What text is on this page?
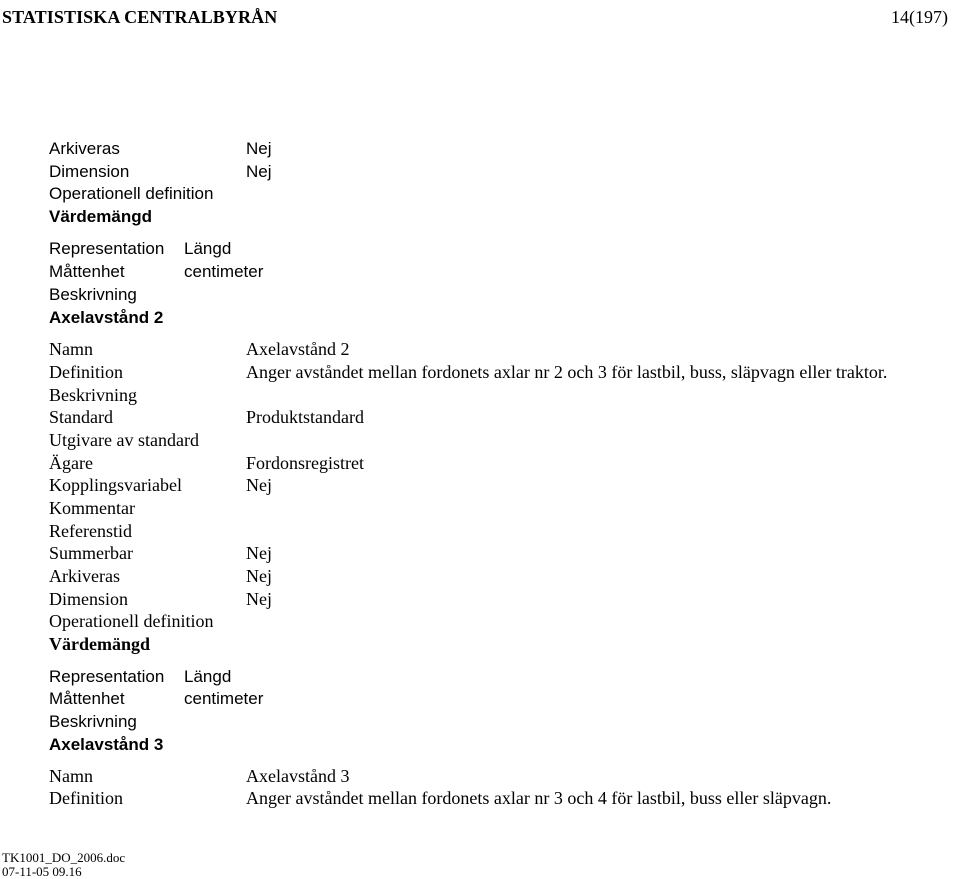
STATISTISKA CENTRALBYRÅN	14(197)
Arkiveras	Nej
Dimension	Nej
Operationell definition
Värdemängd
Representation Längd
Måttenhet	centimeter
Beskrivning
Axelavstånd 2
Namn	Axelavstånd 2
Definition	Anger avståndet mellan fordonets axlar nr 2 och 3 för lastbil, buss, släpvagn eller traktor.
Beskrivning
Standard	Produktstandard
Utgivare av standard
Ägare	Fordonsregistret
Kopplingsvariabel	Nej
Kommentar
Referenstid
Summerbar	Nej
Arkiveras	Nej
Dimension	Nej
Operationell definition
Värdemängd
Representation Längd
Måttenhet	centimeter
Beskrivning
Axelavstånd 3
Namn	Axelavstånd 3
Definition	Anger avståndet mellan fordonets axlar nr 3 och 4 för lastbil, buss eller släpvagn.
TK1001_DO_2006.doc
07-11-05 09.16
